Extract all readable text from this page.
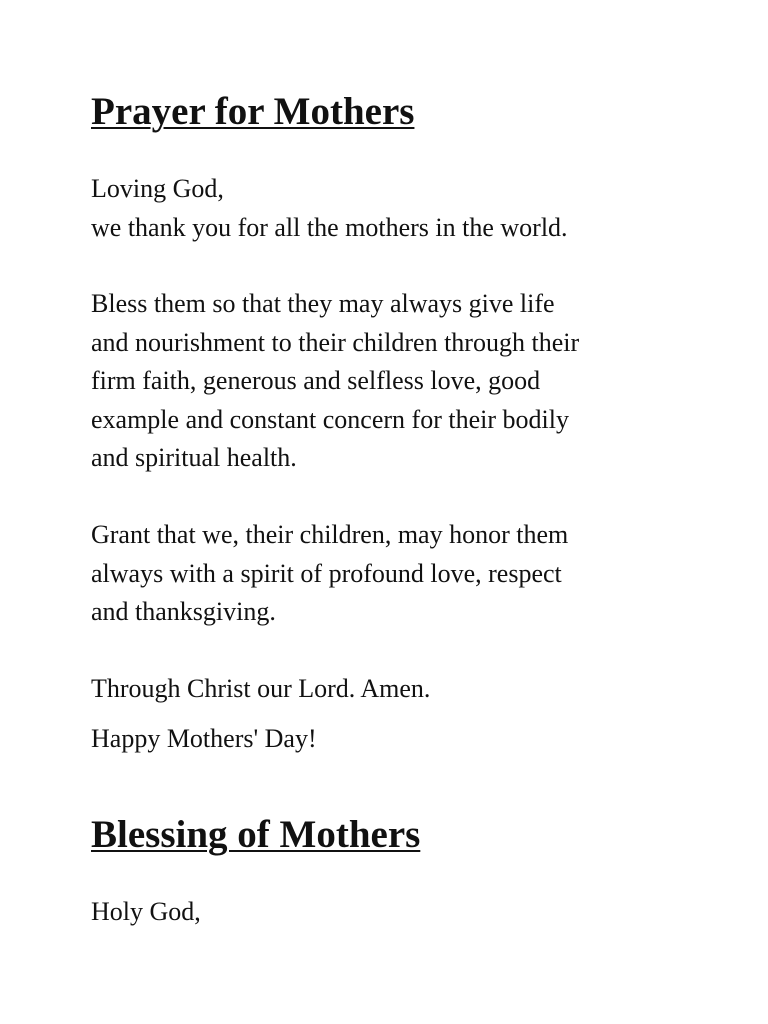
Prayer for Mothers

Loving God,

we thank you for all the mothers in the world.

Bless them so that they may always give life

and nourishment to their children through their

firm faith, generous and selfless love, good

example and constant concern for their bodily

and spiritual health.

Grant that we, their children, may honor them

always with a spirit of profound love, respect

and thanksgiving.

Through Christ our Lord. Amen.

Happy Mothers' Day!

Blessing of Mothers

Holy God,
